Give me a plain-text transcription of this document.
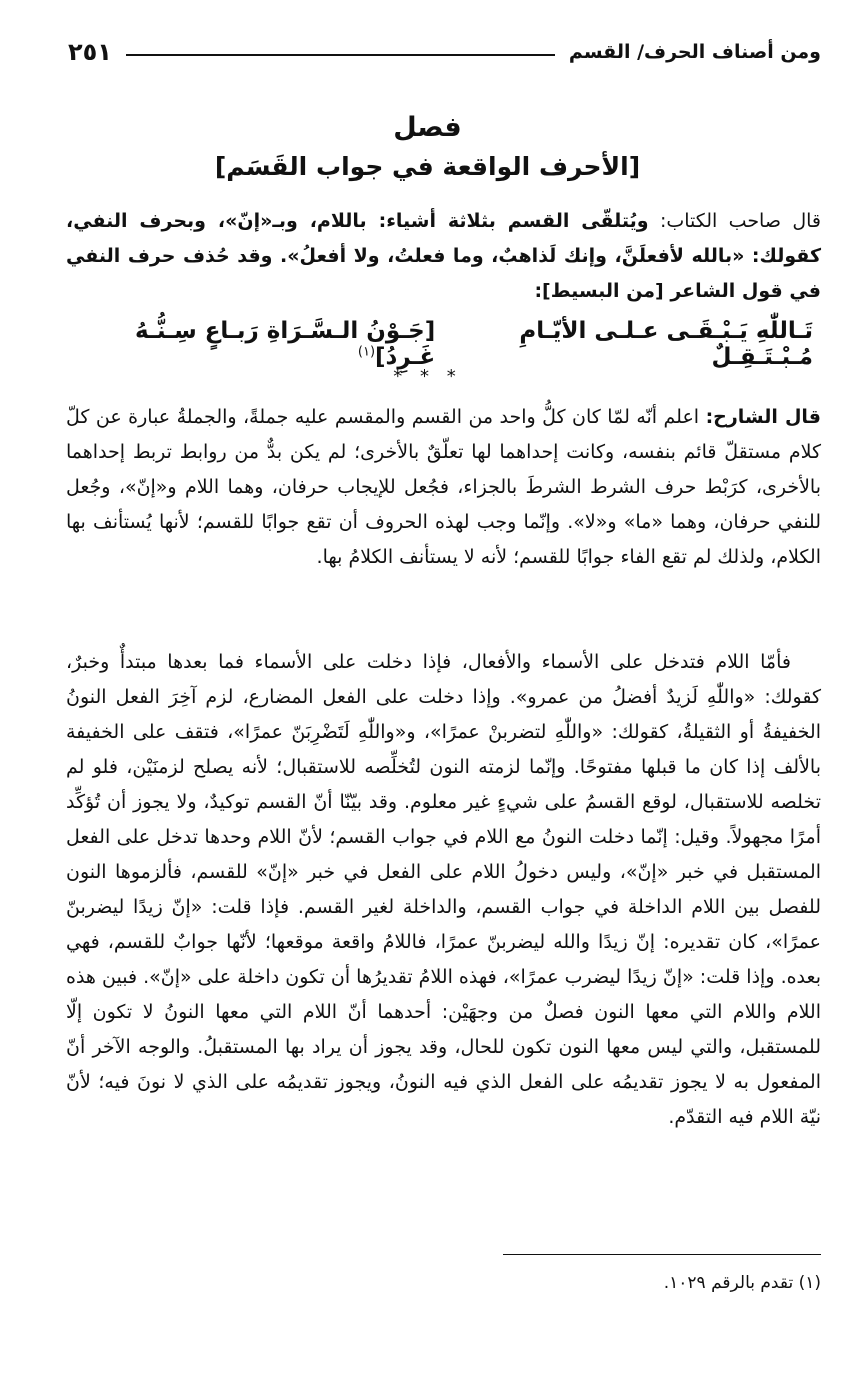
ومن أصناف الحرف/ القسم
٢٥١
فصل
[الأحرف الواقعة في جواب القَسَم]

قال صاحب الكتاب: ويُتلقّى القسم بثلاثة أشياء: باللام، وبـ«إنّ»، وبحرف النفي، كقولك: «بالله لأفعلَنَّ، وإنك لَذاهبٌ، وما فعلتُ، ولا أفعلُ». وقد حُذف حرف النفي في قول الشاعر [من البسيط]:

تَـاللّٰهِ يَـبْـقَـى عـلـى الأيّـامِ مُـبْـتَـقِـلٌ
[جَـوْنُ الـسَّـرَاةِ رَبـاعٍ سِـنُّـهُ غَـرِدُ]$^{(١)}$
* * *

قال الشارح: اعلم أنّه لمّا كان كلُّ واحد من القسم والمقسم عليه جملةً، والجملةُ عبارة عن كلّ كلام مستقلّ قائم بنفسه، وكانت إحداهما لها تعلّقٌ بالأخرى؛ لم يكن بدٌّ من روابط تربط إحداهما بالأخرى، كرَبْط حرف الشرط الشرطَ بالجزاء، فجُعل للإيجاب حرفان، وهما اللام و«إنّ»، وجُعل للنفي حرفان، وهما «ما» و«لا». وإنّما وجب لهذه الحروف أن تقع جوابًا للقسم؛ لأنها يُستأنف بها الكلام، ولذلك لم تقع الفاء جوابًا للقسم؛ لأنه لا يستأنف الكلامُ بها.

فأمّا اللام فتدخل على الأسماء والأفعال، فإذا دخلت على الأسماء فما بعدها مبتدأٌ وخبرٌ، كقولك: «واللّٰهِ لَزيدٌ أفضلُ من عمرو». وإذا دخلت على الفعل المضارع، لزم آخِرَ الفعل النونُ الخفيفةُ أو الثقيلةُ، كقولك: «واللّٰهِ لتضربنْ عمرًا»، و«واللّٰهِ لَتَضْرِبَنّ عمرًا»، فتقف على الخفيفة بالألف إذا كان ما قبلها مفتوحًا. وإنّما لزمته النون لتُخلِّصه للاستقبال؛ لأنه يصلح لزمنَيْن، فلو لم تخلصه للاستقبال، لوقع القسمُ على شيءٍ غير معلوم. وقد بيّنّا أنّ القسم توكيدٌ، ولا يجوز أن تُؤكِّد أمرًا مجهولاً. وقيل: إنّما دخلت النونُ مع اللام في جواب القسم؛ لأنّ اللام وحدها تدخل على الفعل المستقبل في خبر «إنّ»، وليس دخولُ اللام على الفعل في خبر «إنّ» للقسم، فألزموها النون للفصل بين اللام الداخلة في جواب القسم، والداخلة لغير القسم. فإذا قلت: «إنّ زيدًا ليضربنّ عمرًا»، كان تقديره: إنّ زيدًا والله ليضربنّ عمرًا، فاللامُ واقعة موقعها؛ لأنّها جوابٌ للقسم، فهي بعده. وإذا قلت: «إنّ زيدًا ليضرب عمرًا»، فهذه اللامُ تقديرُها أن تكون داخلة على «إنّ». فبين هذه اللام واللام التي معها النون فصلٌ من وجهَيْن: أحدهما أنّ اللام التي معها النونُ لا تكون إلّا للمستقبل، والتي ليس معها النون تكون للحال، وقد يجوز أن يراد بها المستقبلُ. والوجه الآخر أنّ المفعول به لا يجوز تقديمُه على الفعل الذي فيه النونُ، ويجوز تقديمُه على الذي لا نونَ فيه؛ لأنّ نيّة اللام فيه التقدّم.

(١) تقدم بالرقم ١٠٢٩.
